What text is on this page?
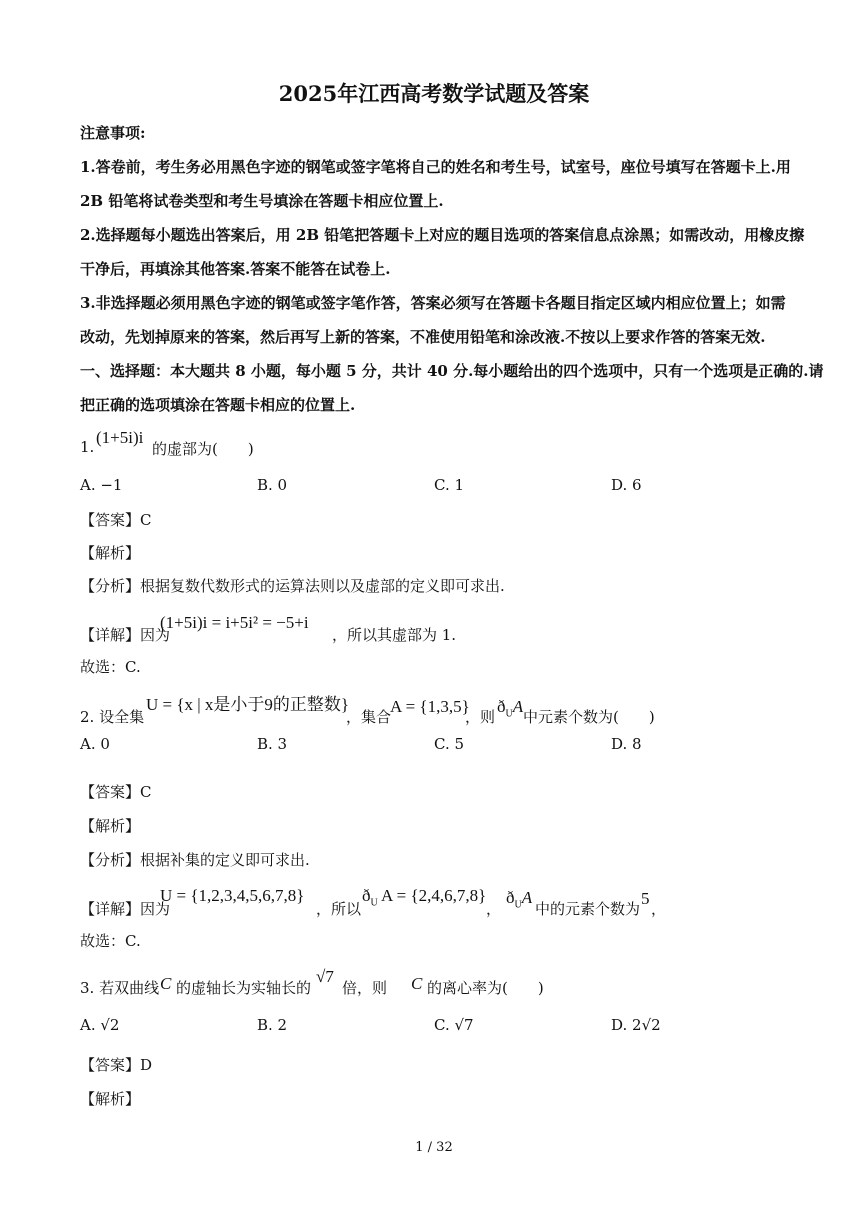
2025年江西高考数学试题及答案
注意事项:
1.答卷前，考生务必用黑色字迹的钢笔或签字笔将自己的姓名和考生号，试室号，座位号填写在答题卡上.用
2B 铅笔将试卷类型和考生号填涂在答题卡相应位置上.
2.选择题每小题选出答案后，用 2B 铅笔把答题卡上对应的题目选项的答案信息点涂黑；如需改动，用橡皮擦
干净后，再填涂其他答案.答案不能答在试卷上.
3.非选择题必须用黑色字迹的钢笔或签字笔作答，答案必须写在答题卡各题目指定区域内相应位置上；如需
改动，先划掉原来的答案，然后再写上新的答案，不准使用铅笔和涂改液.不按以上要求作答的答案无效.
一、选择题：本大题共 8 小题，每小题 5 分，共计 40 分.每小题给出的四个选项中，只有一个选项是正确的.请
把正确的选项填涂在答题卡相应的位置上.
1. (1+5i)i
的虚部为(　　)
A. −1	B. 0	C. 1	D. 6
【答案】C
【解析】
【分析】根据复数代数形式的运算法则以及虚部的定义即可求出.
【详解】因为
(1+5i)i = i+5i² = −5+i
，所以其虚部为 1.
故选：C.
2. 设全集
U = {x | x是小于9的正整数}
，集合
A = {1,3,5}
，则
$ð_UA$
中元素个数为(　　)
A. 0	B. 3	C. 5	D. 8
【答案】C
【解析】
【分析】根据补集的定义即可求出.
【详解】因为
U = {1,2,3,4,5,6,7,8}
，所以
$ð_U$ A = {2,4,6,7,8}
，
$ð_UA$
中的元素个数为
5
，
故选：C.
3. 若双曲线 C 的虚轴长为实轴长的
√7
倍，则 C 的离心率为(　　)
A. √2	B. 2	C. √7	D. 2√2
【答案】D
【解析】
1 / 32
